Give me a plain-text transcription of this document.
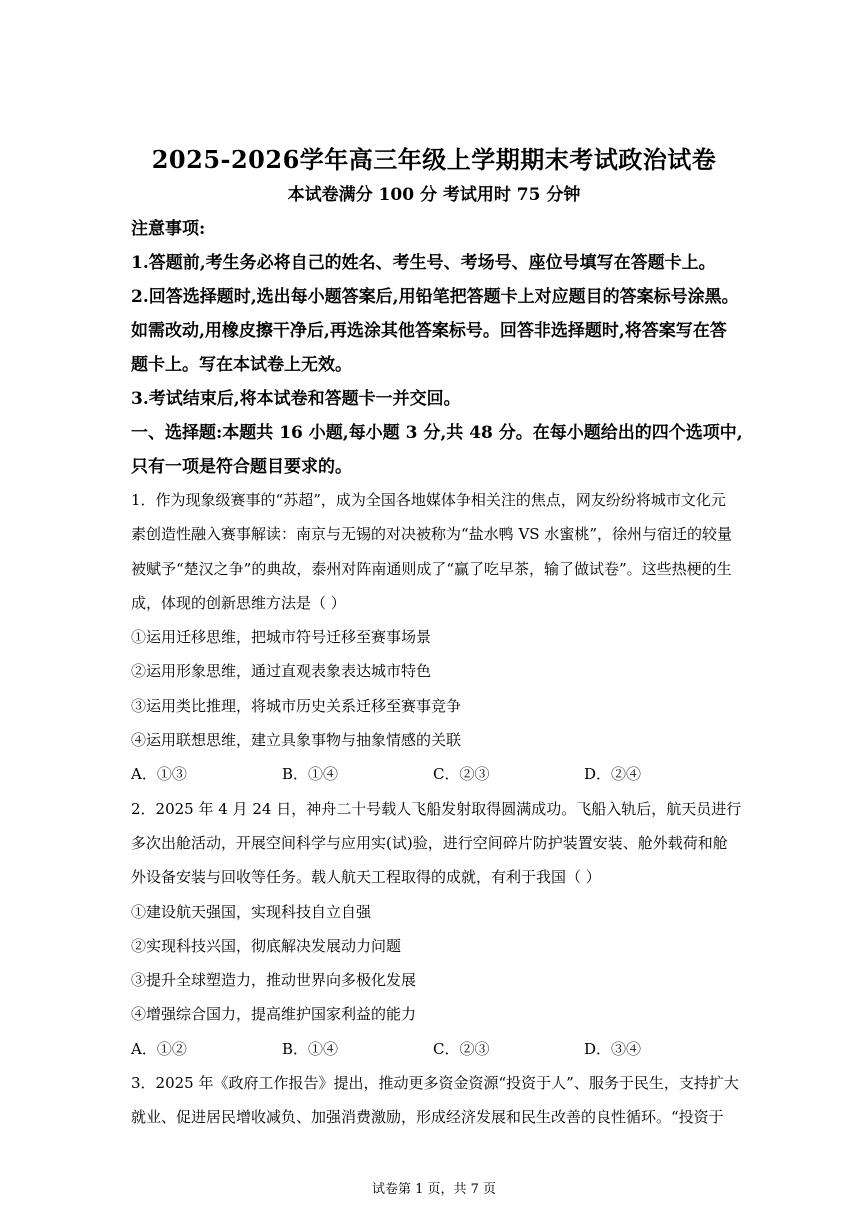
2025-2026学年高三年级上学期期末考试政治试卷
本试卷满分 100 分 考试用时 75 分钟
注意事项:
1.答题前,考生务必将自己的姓名、考生号、考场号、座位号填写在答题卡上。
2.回答选择题时,选出每小题答案后,用铅笔把答题卡上对应题目的答案标号涂黑。
如需改动,用橡皮擦干净后,再选涂其他答案标号。回答非选择题时,将答案写在答
题卡上。写在本试卷上无效。
3.考试结束后,将本试卷和答题卡一并交回。
一、选择题:本题共 16 小题,每小题 3 分,共 48 分。在每小题给出的四个选项中,
只有一项是符合题目要求的。
1．作为现象级赛事的“苏超”，成为全国各地媒体争相关注的焦点，网友纷纷将城市文化元
素创造性融入赛事解读：南京与无锡的对决被称为“盐水鸭 VS 水蜜桃”，徐州与宿迁的较量
被赋予“楚汉之争”的典故，泰州对阵南通则成了“赢了吃早茶，输了做试卷”。这些热梗的生
成，体现的创新思维方法是（ ）
①运用迁移思维，把城市符号迁移至赛事场景
②运用形象思维，通过直观表象表达城市特色
③运用类比推理，将城市历史关系迁移至赛事竞争
④运用联想思维，建立具象事物与抽象情感的关联
A．①③	B．①④	C．②③	D．②④
2．2025 年 4 月 24 日，神舟二十号载人飞船发射取得圆满成功。飞船入轨后，航天员进行
多次出舱活动，开展空间科学与应用实(试)验，进行空间碎片防护装置安装、舱外载荷和舱
外设备安装与回收等任务。载人航天工程取得的成就，有利于我国（ ）
①建设航天强国，实现科技自立自强
②实现科技兴国，彻底解决发展动力问题
③提升全球塑造力，推动世界向多极化发展
④增强综合国力，提高维护国家利益的能力
A．①②	B．①④	C．②③	D．③④
3．2025 年《政府工作报告》提出，推动更多资金资源“投资于人”、服务于民生，支持扩大
就业、促进居民增收减负、加强消费激励，形成经济发展和民生改善的良性循环。“投资于
试卷第 1 页，共 7 页
